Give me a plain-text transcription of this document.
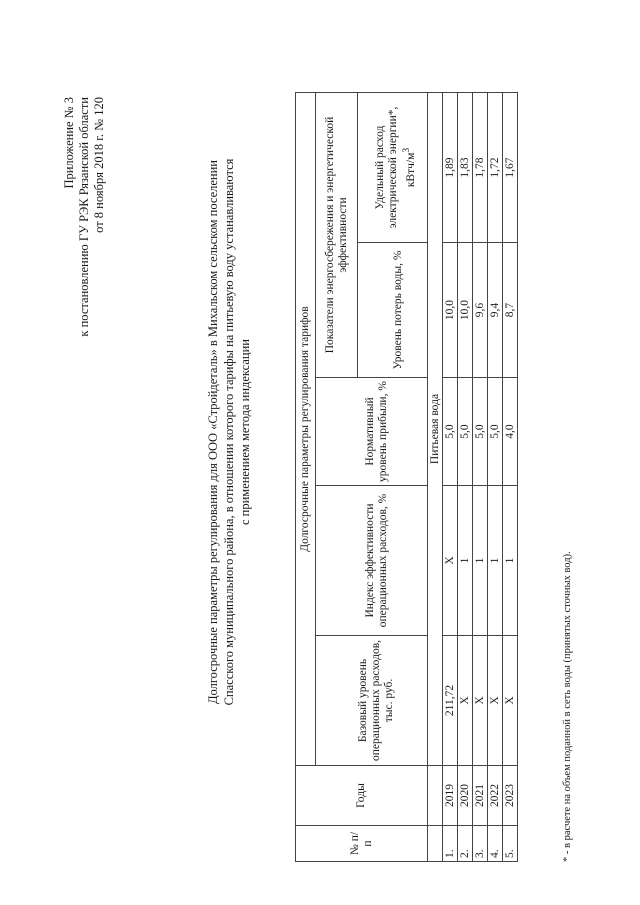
Приложение № 3 к постановлению ГУ РЭК Рязанской области от 8 ноября 2018 г. № 120	Долгосрочные параметры регулирования для ООО «Стройдеталь» в Михальском сельском поселении Спасского муниципального района, в отношении которого тарифы на питьевую воду устанавливаются с применением метода индексации
№ п/п	Годы	Долгосрочные параметры регулирования тарифов				
		Базовый уровень операционных расходов, тыс. руб.	Индекс эффективности операционных расходов, %	Нормативный уровень прибыли, %	Показатели энергосбережения и энергетической эффективности	
					Уровень потерь воды, %	Удельный расход электрической энергии*, кВтч/$м^3$
		Питьевая вода				
1.	2019	211,72	Х	5,0	10,0	1,89
2.	2020	Х	1	5,0	10,0	1,83
3.	2021	Х	1	5,0	9,6	1,78
4.	2022	Х	1	5,0	9,4	1,72
5.	2023	Х	1	4,0	8,7	1,67
* - в расчете на объем поданной в сеть воды (принятых сточных вод).
